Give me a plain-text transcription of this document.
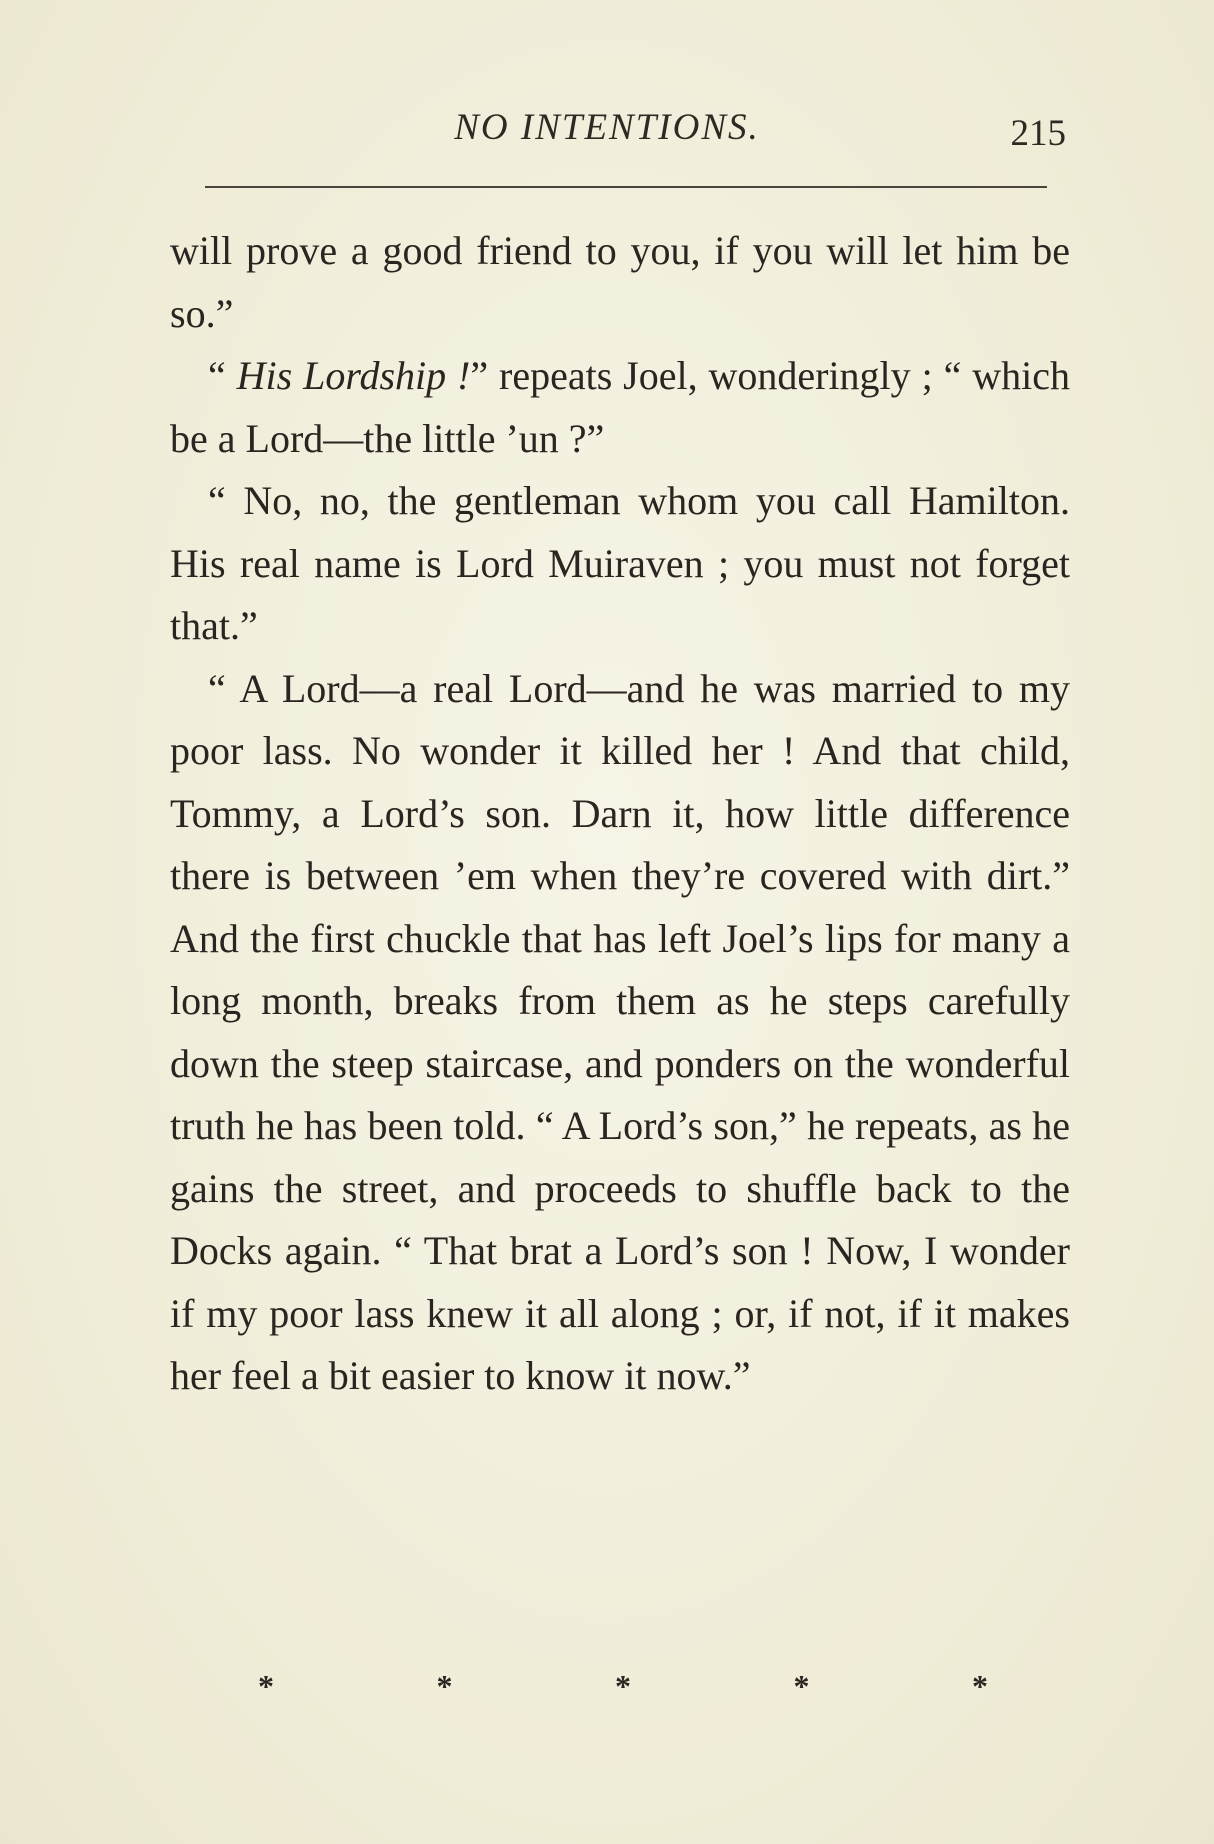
NO INTENTIONS.	215

will prove a good friend to you, if you will let him be so.”

“ His Lordship !” repeats Joel, wonderingly ; “ which be a Lord—the little ’un ?”

“ No, no, the gentleman whom you call Hamilton. His real name is Lord Muiraven ; you must not forget that.”

“ A Lord—a real Lord—and he was married to my poor lass. No wonder it killed her ! And that child, Tommy, a Lord’s son. Darn it, how little difference there is between ’em when they’re covered with dirt.” And the first chuckle that has left Joel’s lips for many a long month, breaks from them as he steps carefully down the steep staircase, and ponders on the wonderful truth he has been told. “ A Lord’s son,” he repeats, as he gains the street, and proceeds to shuffle back to the Docks again. “ That brat a Lord’s son ! Now, I wonder if my poor lass knew it all along ; or, if not, if it makes her feel a bit easier to know it now.”

*	*	*	*	*
